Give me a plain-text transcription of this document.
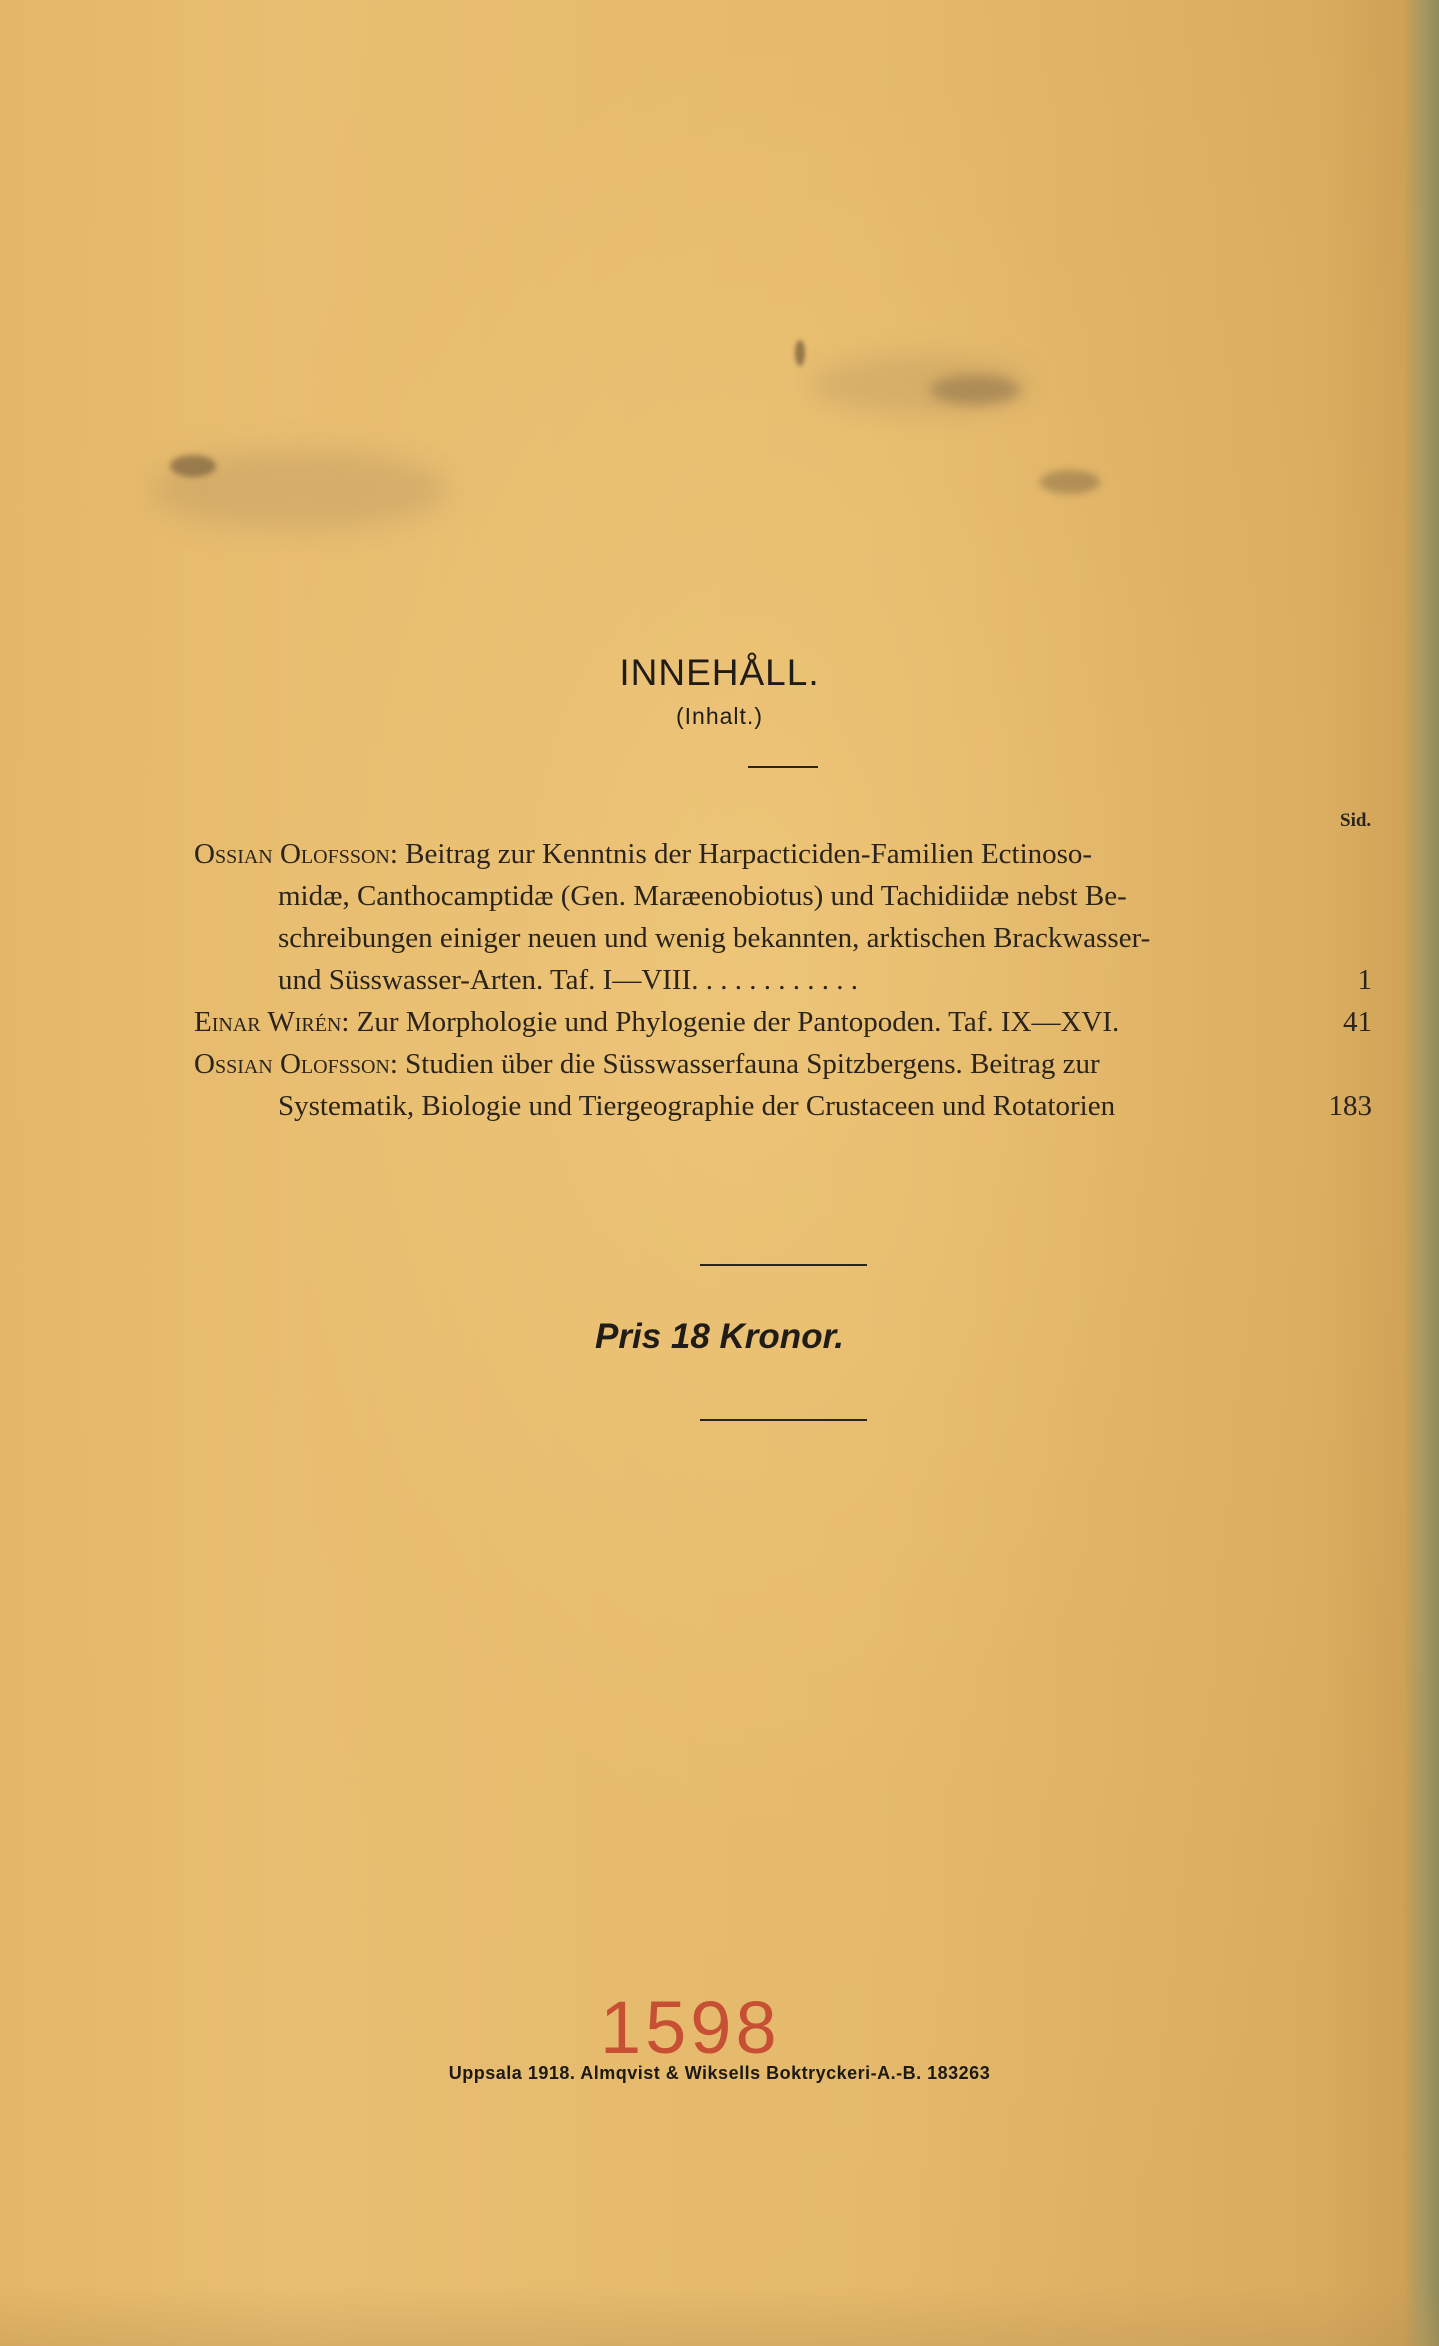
INNEHÅLL.
(Inhalt.)
Sid.
Ossian Olofsson: Beitrag zur Kenntnis der Harpacticiden-Familien Ectinoso-
midæ, Canthocamptidæ (Gen. Maræenobiotus) und Tachidiidæ nebst Be-
schreibungen einiger neuen und wenig bekannten, arktischen Brackwasser-
und Süsswasser-Arten. Taf. I—VIII. . . . . . . . . . . .	1
Einar Wirén: Zur Morphologie und Phylogenie der Pantopoden. Taf. IX—XVI.	41
Ossian Olofsson: Studien über die Süsswasserfauna Spitzbergens. Beitrag zur
Systematik, Biologie und Tiergeographie der Crustaceen und Rotatorien	183
Pris 18 Kronor.
1598
Uppsala 1918. Almqvist & Wiksells Boktryckeri-A.-B. 183263
